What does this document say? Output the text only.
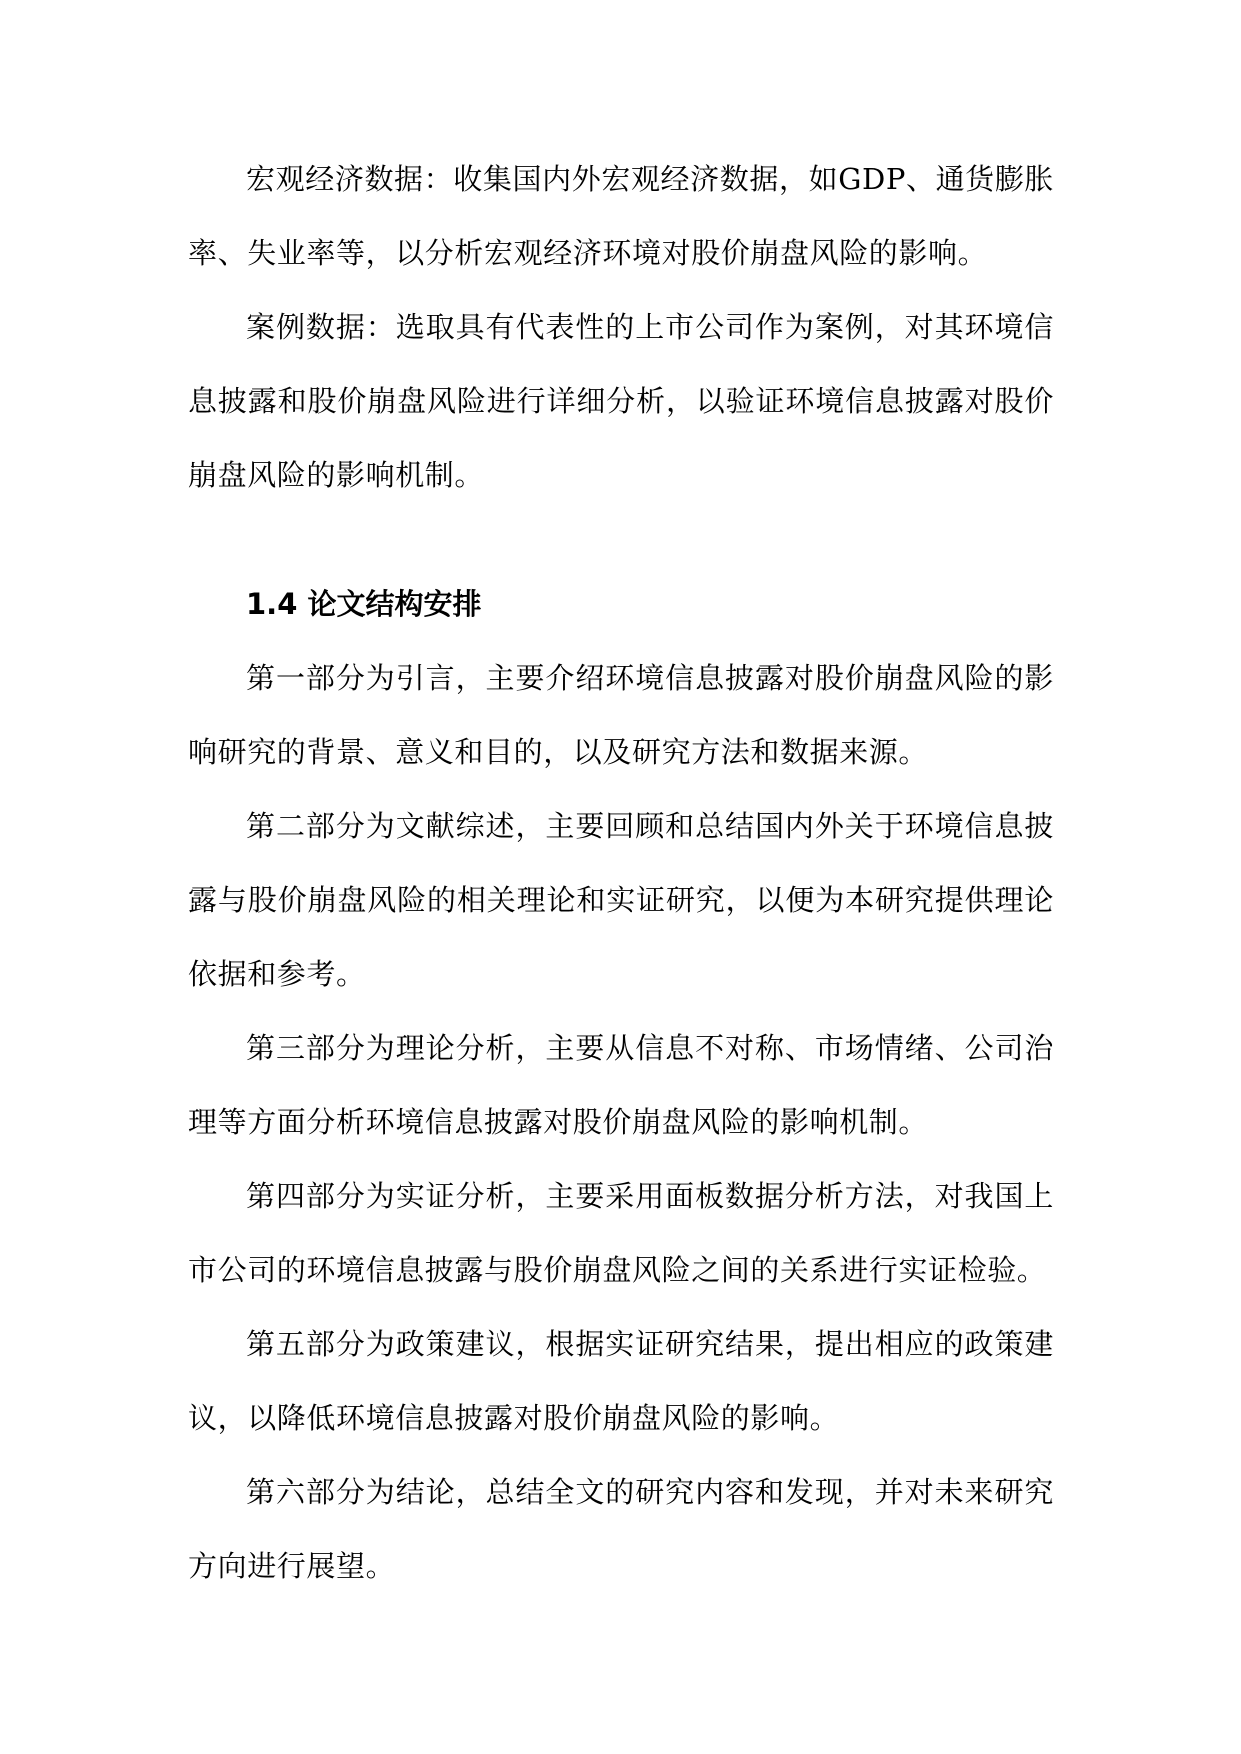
宏观经济数据：收集国内外宏观经济数据，如GDP、通货膨胀率、失业率等，以分析宏观经济环境对股价崩盘风险的影响。

案例数据：选取具有代表性的上市公司作为案例，对其环境信息披露和股价崩盘风险进行详细分析，以验证环境信息披露对股价崩盘风险的影响机制。

1.4 论文结构安排

第一部分为引言，主要介绍环境信息披露对股价崩盘风险的影响研究的背景、意义和目的，以及研究方法和数据来源。

第二部分为文献综述，主要回顾和总结国内外关于环境信息披露与股价崩盘风险的相关理论和实证研究，以便为本研究提供理论依据和参考。

第三部分为理论分析，主要从信息不对称、市场情绪、公司治理等方面分析环境信息披露对股价崩盘风险的影响机制。

第四部分为实证分析，主要采用面板数据分析方法，对我国上市公司的环境信息披露与股价崩盘风险之间的关系进行实证检验。

第五部分为政策建议，根据实证研究结果，提出相应的政策建议，以降低环境信息披露对股价崩盘风险的影响。

第六部分为结论，总结全文的研究内容和发现，并对未来研究方向进行展望。
